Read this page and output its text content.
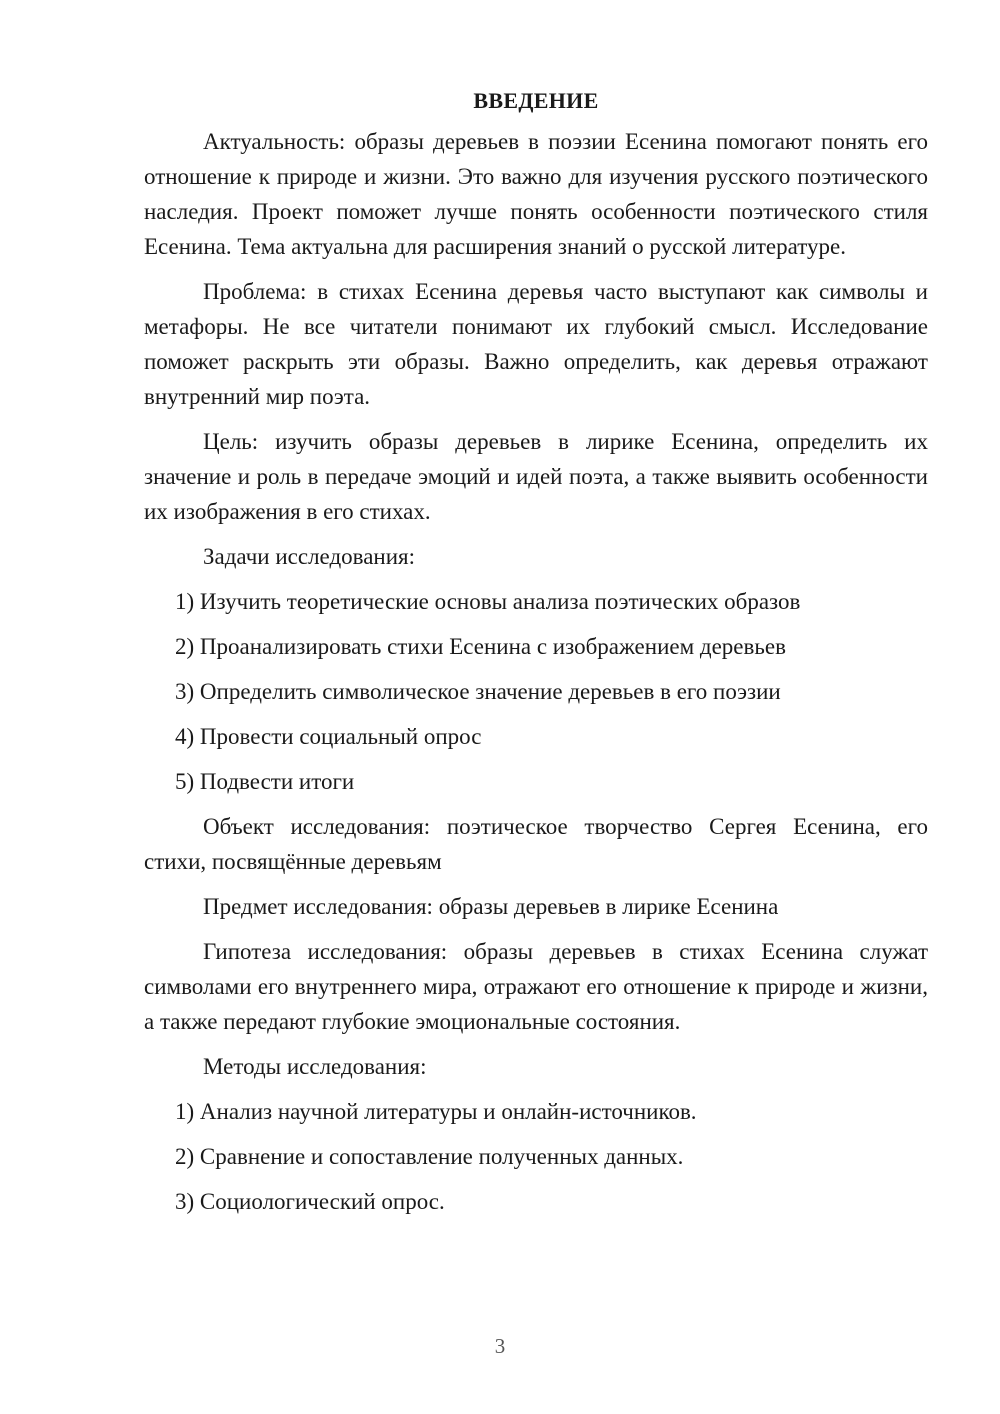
ВВЕДЕНИЕ

Актуальность: образы деревьев в поэзии Есенина помогают понять его отношение к природе и жизни. Это важно для изучения русского поэтического наследия. Проект поможет лучше понять особенности поэтического стиля Есенина. Тема актуальна для расширения знаний о русской литературе.

Проблема: в стихах Есенина деревья часто выступают как символы и метафоры. Не все читатели понимают их глубокий смысл. Исследование поможет раскрыть эти образы. Важно определить, как деревья отражают внутренний мир поэта.

Цель: изучить образы деревьев в лирике Есенина, определить их значение и роль в передаче эмоций и идей поэта, а также выявить особенности их изображения в его стихах.

Задачи исследования:

1) Изучить теоретические основы анализа поэтических образов

2) Проанализировать стихи Есенина с изображением деревьев

3) Определить символическое значение деревьев в его поэзии

4) Провести социальный опрос

5) Подвести итоги

Объект исследования: поэтическое творчество Сергея Есенина, его стихи, посвящённые деревьям

Предмет исследования: образы деревьев в лирике Есенина

Гипотеза исследования: образы деревьев в стихах Есенина служат символами его внутреннего мира, отражают его отношение к природе и жизни, а также передают глубокие эмоциональные состояния.

Методы исследования:

1) Анализ научной литературы и онлайн-источников.

2) Сравнение и сопоставление полученных данных.

3) Социологический опрос.

3
